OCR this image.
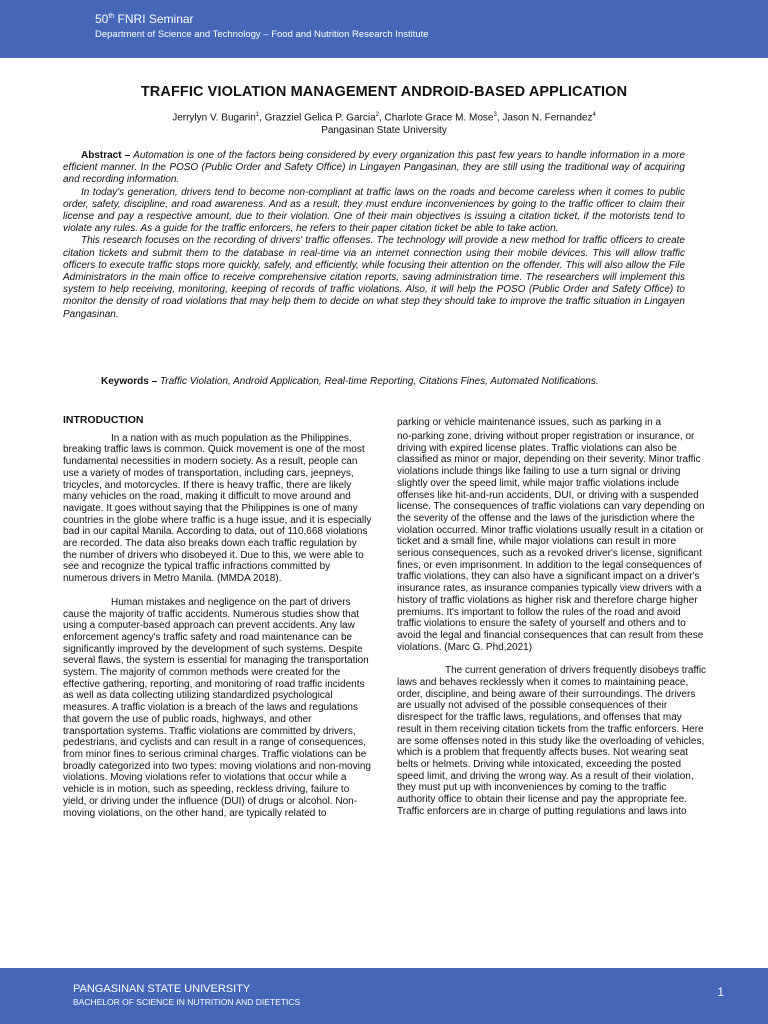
50th FNRI Seminar
Department of Science and Technology – Food and Nutrition Research Institute
TRAFFIC VIOLATION MANAGEMENT ANDROID-BASED APPLICATION
Jerrylyn V. Bugarin$^1$, Grazziel Gelica P. Garcia$^2$, Charlote Grace M. Mose$^3$, Jason N. Fernandez$^4$
Pangasinan State University

Abstract – Automation is one of the factors being considered by every organization this past few years to handle information in a more efficient manner. In the POSO (Public Order and Safety Office) in Lingayen Pangasinan, they are still using the traditional way of acquiring and recording information.

In today's generation, drivers tend to become non-compliant at traffic laws on the roads and become careless when it comes to public order, safety, discipline, and road awareness. And as a result, they must endure inconveniences by going to the traffic officer to claim their license and pay a respective amount, due to their violation. One of their main objectives is issuing a citation ticket, if the motorists tend to violate any rules. As a guide for the traffic enforcers, he refers to their paper citation ticket be able to take action.

This research focuses on the recording of drivers' traffic offenses. The technology will provide a new method for traffic officers to create citation tickets and submit them to the database in real-time via an internet connection using their mobile devices. This will allow traffic officers to execute traffic stops more quickly, safely, and efficiently, while focusing their attention on the offender. This will also allow the File Administrators in the main office to receive comprehensive citation reports, saving administration time. The researchers will implement this system to help receiving, monitoring, keeping of records of traffic violations. Also, it will help the POSO (Public Order and Safety Office) to monitor the density of road violations that may help them to decide on what step they should take to improve the traffic situation in Lingayen Pangasinan.

Keywords – Traffic Violation, Android Application, Real-time Reporting, Citations Fines, Automated Notifications.
INTRODUCTION

In a nation with as much population as the Philippines, breaking traffic laws is common. Quick movement is one of the most fundamental necessities in modern society. As a result, people can use a variety of modes of transportation, including cars, jeepneys, tricycles, and motorcycles. If there is heavy traffic, there are likely many vehicles on the road, making it difficult to move around and navigate. It goes without saying that the Philippines is one of many countries in the globe where traffic is a huge issue, and it is especially bad in our capital Manila. According to data, out of 110,668 violations are recorded. The data also breaks down each traffic regulation by the number of drivers who disobeyed it. Due to this, we were able to see and recognize the typical traffic infractions committed by numerous drivers in Metro Manila. (MMDA 2018).

Human mistakes and negligence on the part of drivers cause the majority of traffic accidents. Numerous studies show that using a computer-based approach can prevent accidents. Any law enforcement agency's traffic safety and road maintenance can be significantly improved by the development of such systems. Despite several flaws, the system is essential for managing the transportation system. The majority of common methods were created for the effective gathering, reporting, and monitoring of road traffic incidents as well as data collecting utilizing standardized psychological measures. A traffic violation is a breach of the laws and regulations that govern the use of public roads, highways, and other transportation systems. Traffic violations are committed by drivers, pedestrians, and cyclists and can result in a range of consequences, from minor fines to serious criminal charges. Traffic violations can be broadly categorized into two types: moving violations and non-moving violations. Moving violations refer to violations that occur while a vehicle is in motion, such as speeding, reckless driving, failure to yield, or driving under the influence (DUI) of drugs or alcohol. Non-moving violations, on the other hand, are typically related to

parking or vehicle maintenance issues, such as parking in a

no-parking zone, driving without proper registration or insurance, or driving with expired license plates. Traffic violations can also be classified as minor or major, depending on their severity. Minor traffic violations include things like failing to use a turn signal or driving slightly over the speed limit, while major traffic violations include offenses like hit-and-run accidents, DUI, or driving with a suspended license. The consequences of traffic violations can vary depending on the severity of the offense and the laws of the jurisdiction where the violation occurred. Minor traffic violations usually result in a citation or ticket and a small fine, while major violations can result in more serious consequences, such as a revoked driver's license, significant fines, or even imprisonment. In addition to the legal consequences of traffic violations, they can also have a significant impact on a driver's insurance rates, as insurance companies typically view drivers with a history of traffic violations as higher risk and therefore charge higher premiums. It's important to follow the rules of the road and avoid traffic violations to ensure the safety of yourself and others and to avoid the legal and financial consequences that can result from these violations. (Marc G. Phd,2021)

The current generation of drivers frequently disobeys traffic laws and behaves recklessly when it comes to maintaining peace, order, discipline, and being aware of their surroundings. The drivers are usually not advised of the possible consequences of their disrespect for the traffic laws, regulations, and offenses that may result in them receiving citation tickets from the traffic enforcers. Here are some offenses noted in this study like the overloading of vehicles, which is a problem that frequently affects buses. Not wearing seat belts or helmets. Driving while intoxicated, exceeding the posted speed limit, and driving the wrong way. As a result of their violation, they must put up with inconveniences by coming to the traffic authority office to obtain their license and pay the appropriate fee. Traffic enforcers are in charge of putting regulations and laws into

PANGASINAN STATE UNIVERSITY
BACHELOR OF SCIENCE IN NUTRITION AND DIETETICS
1
